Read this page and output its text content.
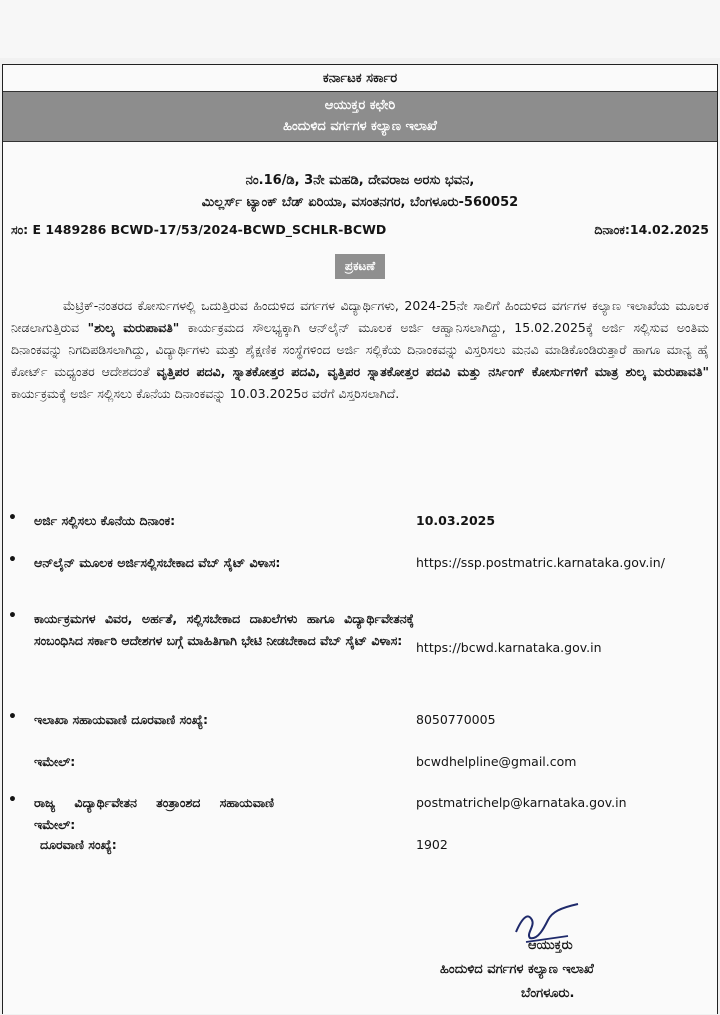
ಕರ್ನಾಟಕ ಸರ್ಕಾರ
ಆಯುಕ್ತರ ಕಛೇರಿ
ಹಿಂದುಳಿದ ವರ್ಗಗಳ ಕಲ್ಯಾಣ ಇಲಾಖೆ
ನಂ.16/ಡಿ, 3ನೇ ಮಹಡಿ, ದೇವರಾಜ ಅರಸು ಭವನ,
ಮಿಲ್ಲರ್ಸ್ ಟ್ಯಾಂಕ್ ಬೆಡ್ ಏರಿಯಾ, ವಸಂತನಗರ, ಬೆಂಗಳೂರು-560052
ಸಂ: E 1489286 BCWD-17/53/2024-BCWD_SCHLR-BCWD	ದಿನಾಂಕ:14.02.2025
ಪ್ರಕಟಣೆ
ಮೆಟ್ರಿಕ್-ನಂತರದ ಕೋರ್ಸುಗಳಲ್ಲಿ ಒದುತ್ತಿರುವ ಹಿಂದುಳಿದ ವರ್ಗಗಳ ವಿದ್ಯಾರ್ಥಿಗಳು, 2024-25ನೇ ಸಾಲಿಗೆ ಹಿಂದುಳಿದ ವರ್ಗಗಳ ಕಲ್ಯಾಣ ಇಲಾಖೆಯ ಮೂಲಕ ನೀಡಲಾಗುತ್ತಿರುವ "ಶುಲ್ಕ ಮರುಪಾವತಿ" ಕಾರ್ಯಕ್ರಮದ ಸೌಲಭ್ಯಕ್ಕಾಗಿ ಆನ್‌ಲೈನ್ ಮೂಲಕ ಅರ್ಜಿ ಆಹ್ವಾನಿಸಲಾಗಿದ್ದು, 15.02.2025ಕ್ಕೆ ಅರ್ಜಿ ಸಲ್ಲಿಸುವ ಅಂತಿಮ ದಿನಾಂಕವನ್ನು ನಿಗದಿಪಡಿಸಲಾಗಿದ್ದು, ವಿದ್ಯಾರ್ಥಿಗಳು ಮತ್ತು ಶೈಕ್ಷಣಿಕ ಸಂಸ್ಥೆಗಳಿಂದ ಅರ್ಜಿ ಸಲ್ಲಿಕೆಯ ದಿನಾಂಕವನ್ನು ವಿಸ್ತರಿಸಲು ಮನವಿ ಮಾಡಿಕೊಂಡಿರುತ್ತಾರೆ ಹಾಗೂ ಮಾನ್ಯ ಹೈ ಕೋರ್ಟ್ ಮಧ್ಯಂತರ ಆದೇಶದಂತೆ ವೃತ್ತಿಪರ ಪದವಿ, ಸ್ನಾತಕೋತ್ತರ ಪದವಿ, ವೃತ್ತಿಪರ ಸ್ನಾತಕೋತ್ತರ ಪದವಿ ಮತ್ತು ನರ್ಸಿಂಗ್ ಕೋರ್ಸುಗಳಿಗೆ ಮಾತ್ರ ಶುಲ್ಕ ಮರುಪಾವತಿ" ಕಾರ್ಯಕ್ರಮಕ್ಕೆ ಅರ್ಜಿ ಸಲ್ಲಿಸಲು ಕೊನೆಯ ದಿನಾಂಕವನ್ನು 10.03.2025ರ ವರೆಗೆ ವಿಸ್ತರಿಸಲಾಗಿದೆ.
• ಅರ್ಜಿ ಸಲ್ಲಿಸಲು ಕೊನೆಯ ದಿನಾಂಕ:	10.03.2025
• ಆನ್‌ಲೈನ್ ಮೂಲಕ ಅರ್ಜಿಸಲ್ಲಿಸಬೇಕಾದ ವೆಬ್ ಸೈಟ್ ವಿಳಾಸ:	https://ssp.postmatric.karnataka.gov.in/
• ಕಾರ್ಯಕ್ರಮಗಳ ವಿವರ, ಅರ್ಹತೆ, ಸಲ್ಲಿಸಬೇಕಾದ ದಾಖಲೆಗಳು ಹಾಗೂ ವಿದ್ಯಾರ್ಥಿವೇತನಕ್ಕೆ ಸಂಬಂಧಿಸಿದ ಸರ್ಕಾರಿ ಆದೇಶಗಳ ಬಗ್ಗೆ ಮಾಹಿತಿಗಾಗಿ ಭೇಟಿ ನೀಡಬೇಕಾದ ವೆಬ್ ಸೈಟ್ ವಿಳಾಸ:	https://bcwd.karnataka.gov.in
• ಇಲಾಖಾ ಸಹಾಯವಾಣಿ ದೂರವಾಣಿ ಸಂಖ್ಯೆ:	8050770005
ಇಮೇಲ್:	bcwdhelpline@gmail.com
• ರಾಜ್ಯ ವಿದ್ಯಾರ್ಥಿವೇತನ ತಂತ್ರಾಂಶದ ಸಹಾಯವಾಣಿ ಇಮೇಲ್:
postmatrichelp@karnataka.gov.in
ದೂರವಾಣಿ ಸಂಖ್ಯೆ:	1902
ಆಯುಕ್ತರು
ಹಿಂದುಳಿದ ವರ್ಗಗಳ ಕಲ್ಯಾಣ ಇಲಾಖೆ
ಬೆಂಗಳೂರು.
